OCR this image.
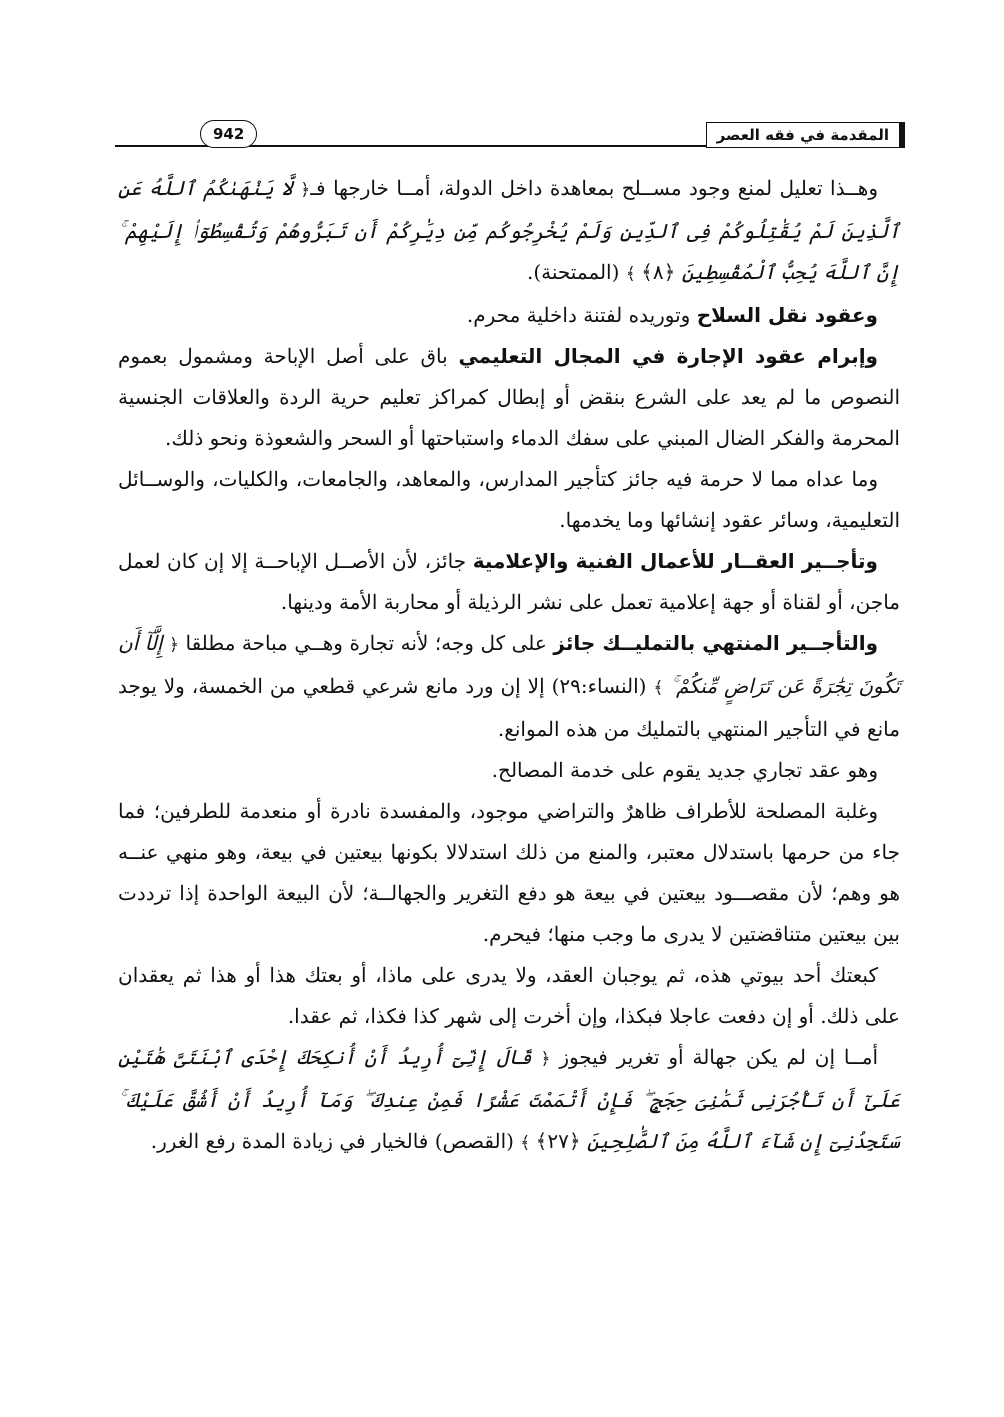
المقدمة في فقه العصر
942

وهــذا تعليل لمنع وجود مســلح بمعاهدة داخل الدولة، أمــا خارجها فـ﴿ لَّا يَنْهَىٰكُمُ ٱللَّهُ عَنِ ٱلَّذِينَ لَمْ يُقَٰتِلُوكُمْ فِى ٱلدِّينِ وَلَمْ يُخْرِجُوكُم مِّن دِيَٰرِكُمْ أَن تَبَرُّوهُمْ وَتُقْسِطُوٓا۟ إِلَيْهِمْ ۚ إِنَّ ٱللَّهَ يُحِبُّ ٱلْمُقْسِطِينَ ﴿٨﴾ ﴾ (الممتحنة).

وعقود نقل السلاح وتوريده لفتنة داخلية محرم.

وإبرام عقود الإجارة في المجال التعليمي باق على أصل الإباحة ومشمول بعموم النصوص ما لم يعد على الشرع بنقض أو إبطال كمراكز تعليم حرية الردة والعلاقات الجنسية المحرمة والفكر الضال المبني على سفك الدماء واستباحتها أو السحر والشعوذة ونحو ذلك.

وما عداه مما لا حرمة فيه جائز كتأجير المدارس، والمعاهد، والجامعات، والكليات، والوســائل التعليمية، وسائر عقود إنشائها وما يخدمها.

وتأجــير العقــار للأعمال الفنية والإعلامية جائز، لأن الأصــل الإباحــة إلا إن كان لعمل ماجن، أو لقناة أو جهة إعلامية تعمل على نشر الرذيلة أو محاربة الأمة ودينها.

والتأجــير المنتهي بالتمليــك جائز على كل وجه؛ لأنه تجارة وهــي مباحة مطلقا ﴿ إِلَّآ أَن تَكُونَ تِجَٰرَةً عَن تَرَاضٍ مِّنكُمْ ۚ ﴾ (النساء:٢٩) إلا إن ورد مانع شرعي قطعي من الخمسة، ولا يوجد مانع في التأجير المنتهي بالتمليك من هذه الموانع.

وهو عقد تجاري جديد يقوم على خدمة المصالح.

وغلبة المصلحة للأطراف ظاهرٌ والتراضي موجود، والمفسدة نادرة أو منعدمة للطرفين؛ فما جاء من حرمها باستدلال معتبر، والمنع من ذلك استدلالا بكونها بيعتين في بيعة، وهو منهي عنــه هو وهم؛ لأن مقصـــود بيعتين في بيعة هو دفع التغرير والجهالــة؛ لأن البيعة الواحدة إذا ترددت بين بيعتين متناقضتين لا يدرى ما وجب منها؛ فيحرم.

كبعتك أحد بيوتي هذه، ثم يوجبان العقد، ولا يدرى على ماذا، أو بعتك هذا أو هذا ثم يعقدان على ذلك. أو إن دفعت عاجلا فبكذا، وإن أخرت إلى شهر كذا فكذا، ثم عقدا.

أمــا إن لم يكن جهالة أو تغرير فيجوز ﴿ قَالَ إِنِّىٓ أُرِيدُ أَنْ أُنكِحَكَ إِحْدَى ٱبْنَتَىَّ هَٰتَيْنِ عَلَىٰٓ أَن تَأْجُرَنِى ثَمَٰنِىَ حِجَجٍ ۖ فَإِنْ أَتْمَمْتَ عَشْرًا فَمِنْ عِندِكَ ۖ وَمَآ أُرِيدُ أَنْ أَشُقَّ عَلَيْكَ ۚ سَتَجِدُنِىٓ إِن شَآءَ ٱللَّهُ مِنَ ٱلصَّٰلِحِينَ ﴿٢٧﴾ ﴾ (القصص) فالخيار في زيادة المدة رفع الغرر.
